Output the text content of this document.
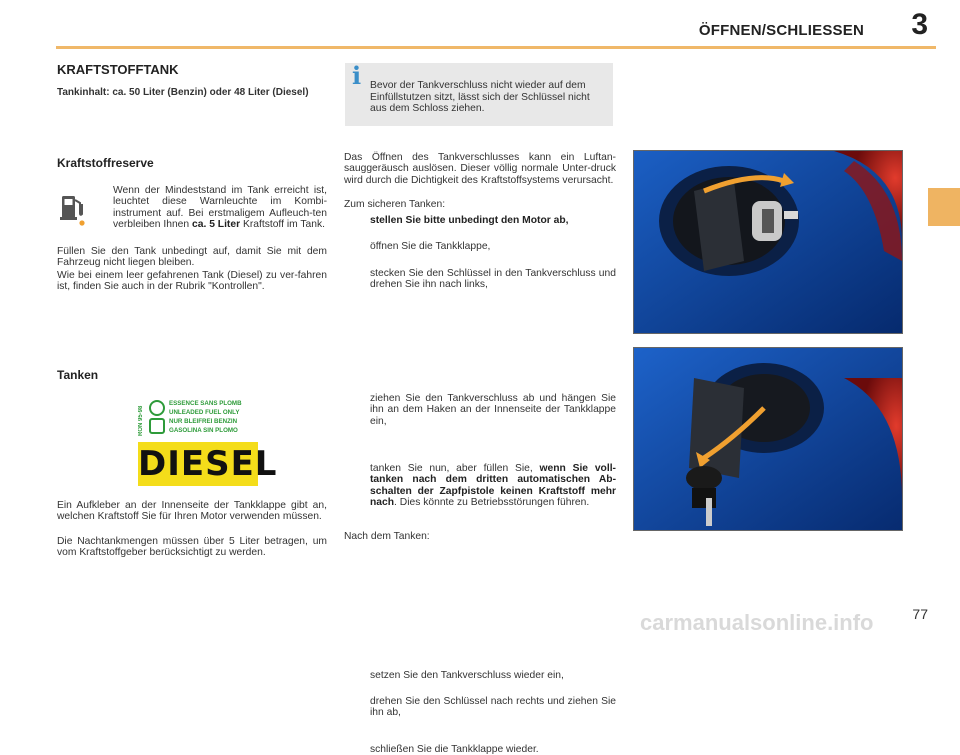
ÖFFNEN/SCHLIESSEN 3
KRAFTSTOFFTANK
Tankinhalt: ca. 50 Liter (Benzin) oder 48 Liter (Diesel)
i Bevor der Tankverschluss nicht wieder auf dem Einfüllstutzen sitzt, lässt sich der Schlüssel nicht aus dem Schloss ziehen.
Kraftstoffreserve
Wenn der Mindeststand im Tank erreicht ist, leuchtet diese Warnleuchte im Kombi-instrument auf. Bei erstmaligem Aufleuch-ten verbleiben Ihnen ca. 5 Liter Kraftstoff im Tank.
Füllen Sie den Tank unbedingt auf, damit Sie mit dem Fahrzeug nicht liegen bleiben.
Wie bei einem leer gefahrenen Tank (Diesel) zu ver-fahren ist, finden Sie auch in der Rubrik "Kontrollen".
Tanken
RON 95-98
ESSENCE SANS PLOMB
UNLEADED FUEL ONLY
NUR BLEIFREI BENZIN
GASOLINA SIN PLOMO
DIESEL
Ein Aufkleber an der Innenseite der Tankklappe gibt an, welchen Kraftstoff Sie für Ihren Motor verwenden müssen.
Die Nachtankmengen müssen über 5 Liter betragen, um vom Kraftstoffgeber berücksichtigt zu werden.
Das Öffnen des Tankverschlusses kann ein Luftan-sauggeräusch auslösen. Dieser völlig normale Unter-druck wird durch die Dichtigkeit des Kraftstoffsystems verursacht.
Zum sicheren Tanken:
stellen Sie bitte unbedingt den Motor ab,
öffnen Sie die Tankklappe,
stecken Sie den Schlüssel in den Tankverschluss und drehen Sie ihn nach links,
ziehen Sie den Tankverschluss ab und hängen Sie ihn an dem Haken an der Innenseite der Tankklappe ein,
tanken Sie nun, aber füllen Sie, wenn Sie voll-tanken nach dem dritten automatischen Ab-schalten der Zapfpistole keinen Kraftstoff mehr nach. Dies könnte zu Betriebsstörungen führen.
Nach dem Tanken:
setzen Sie den Tankverschluss wieder ein,
drehen Sie den Schlüssel nach rechts und ziehen Sie ihn ab,
schließen Sie die Tankklappe wieder.
77
carmanualsonline.info
